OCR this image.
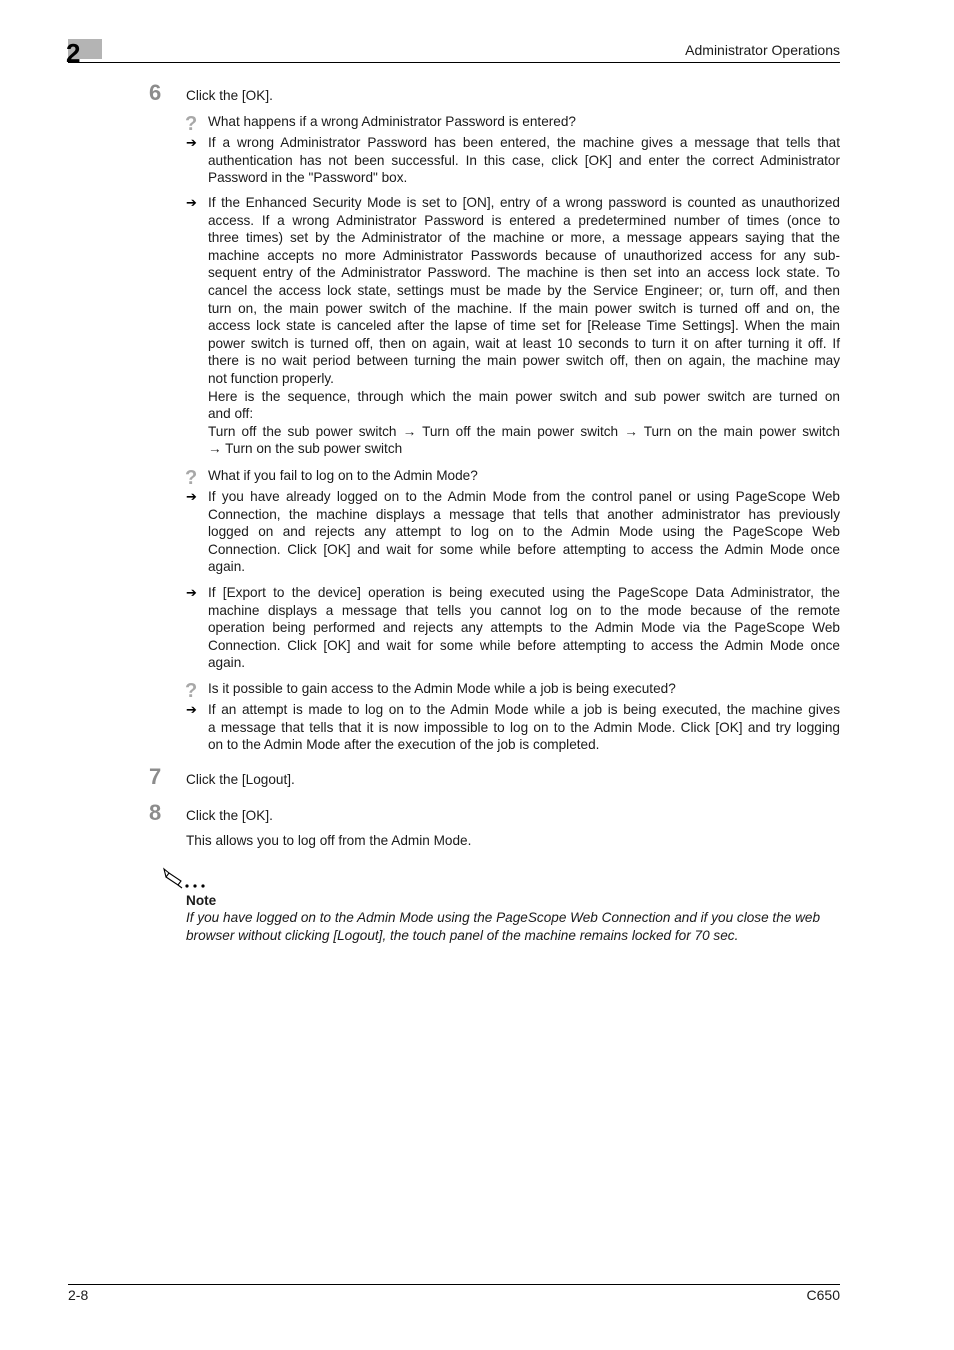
2	Administrator Operations
6 Click the [OK].
? What happens if a wrong Administrator Password is entered?
➔ If a wrong Administrator Password has been entered, the machine gives a message that tells that
authentication has not been successful. In this case, click [OK] and enter the correct Administrator
Password in the "Password" box.
➔ If the Enhanced Security Mode is set to [ON], entry of a wrong password is counted as unauthorized
access. If a wrong Administrator Password is entered a predetermined number of times (once to
three times) set by the Administrator of the machine or more, a message appears saying that the
machine accepts no more Administrator Passwords because of unauthorized access for any sub-
sequent entry of the Administrator Password. The machine is then set into an access lock state. To
cancel the access lock state, settings must be made by the Service Engineer; or, turn off, and then
turn on, the main power switch of the machine. If the main power switch is turned off and on, the
access lock state is canceled after the lapse of time set for [Release Time Settings]. When the main
power switch is turned off, then on again, wait at least 10 seconds to turn it on after turning it off. If
there is no wait period between turning the main power switch off, then on again, the machine may
not function properly.
Here is the sequence, through which the main power switch and sub power switch are turned on
and off:
Turn off the sub power switch → Turn off the main power switch → Turn on the main power switch
→ Turn on the sub power switch
? What if you fail to log on to the Admin Mode?
➔ If you have already logged on to the Admin Mode from the control panel or using PageScope Web
Connection, the machine displays a message that tells that another administrator has previously
logged on and rejects any attempt to log on to the Admin Mode using the PageScope Web
Connection. Click [OK] and wait for some while before attempting to access the Admin Mode once
again.
➔ If [Export to the device] operation is being executed using the PageScope Data Administrator, the
machine displays a message that tells you cannot log on to the mode because of the remote
operation being performed and rejects any attempts to the Admin Mode via the PageScope Web
Connection. Click [OK] and wait for some while before attempting to access the Admin Mode once
again.
? Is it possible to gain access to the Admin Mode while a job is being executed?
➔ If an attempt is made to log on to the Admin Mode while a job is being executed, the machine gives
a message that tells that it is now impossible to log on to the Admin Mode. Click [OK] and try logging
on to the Admin Mode after the execution of the job is completed.
7 Click the [Logout].
8 Click the [OK].
This allows you to log off from the Admin Mode.
Note
If you have logged on to the Admin Mode using the PageScope Web Connection and if you close the web browser without clicking [Logout], the touch panel of the machine remains locked for 70 sec.
2-8	C650
